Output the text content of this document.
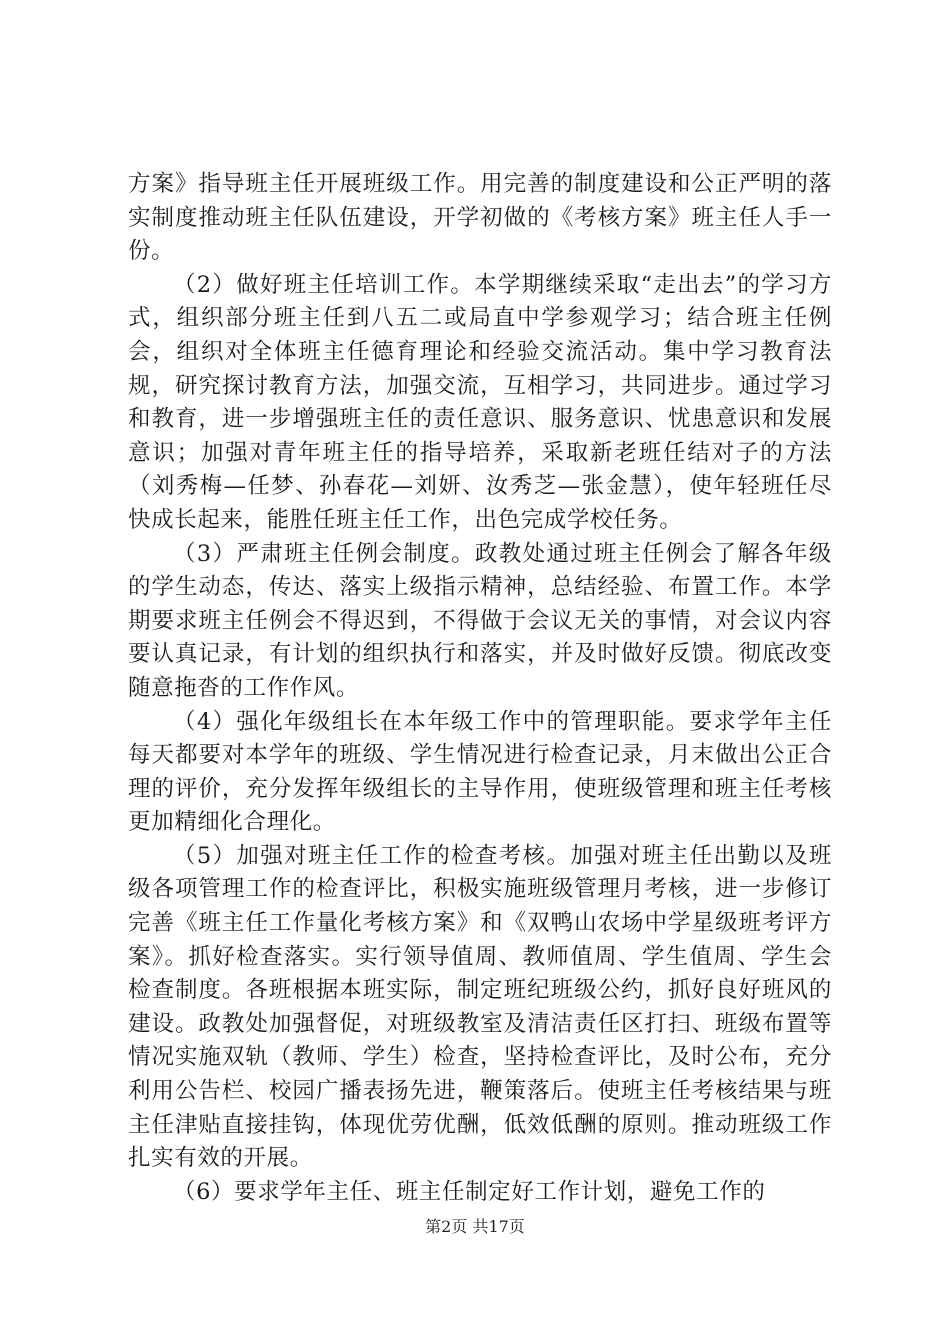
方案》指导班主任开展班级工作。用完善的制度建设和公正严明的落实制度推动班主任队伍建设，开学初做的《考核方案》班主任人手一份。

（2）做好班主任培训工作。本学期继续采取“走出去”的学习方式，组织部分班主任到八五二或局直中学参观学习；结合班主任例会，组织对全体班主任德育理论和经验交流活动。集中学习教育法规，研究探讨教育方法，加强交流，互相学习，共同进步。通过学习和教育，进一步增强班主任的责任意识、服务意识、忧患意识和发展意识；加强对青年班主任的指导培养，采取新老班任结对子的方法（刘秀梅—任梦、孙春花—刘妍、汝秀芝—张金慧），使年轻班任尽快成长起来，能胜任班主任工作，出色完成学校任务。

（3）严肃班主任例会制度。政教处通过班主任例会了解各年级的学生动态，传达、落实上级指示精神，总结经验、布置工作。本学期要求班主任例会不得迟到，不得做于会议无关的事情，对会议内容要认真记录，有计划的组织执行和落实，并及时做好反馈。彻底改变随意拖沓的工作作风。

（4）强化年级组长在本年级工作中的管理职能。要求学年主任每天都要对本学年的班级、学生情况进行检查记录，月末做出公正合理的评价，充分发挥年级组长的主导作用，使班级管理和班主任考核更加精细化合理化。

（5）加强对班主任工作的检查考核。加强对班主任出勤以及班级各项管理工作的检查评比，积极实施班级管理月考核，进一步修订完善《班主任工作量化考核方案》和《双鸭山农场中学星级班考评方案》。抓好检查落实。实行领导值周、教师值周、学生值周、学生会检查制度。各班根据本班实际，制定班纪班级公约，抓好良好班风的建设。政教处加强督促，对班级教室及清洁责任区打扫、班级布置等情况实施双轨（教师、学生）检查，坚持检查评比，及时公布，充分利用公告栏、校园广播表扬先进，鞭策落后。使班主任考核结果与班主任津贴直接挂钩，体现优劳优酬，低效低酬的原则。推动班级工作扎实有效的开展。

（6）要求学年主任、班主任制定好工作计划，避免工作的

第2页 共17页
